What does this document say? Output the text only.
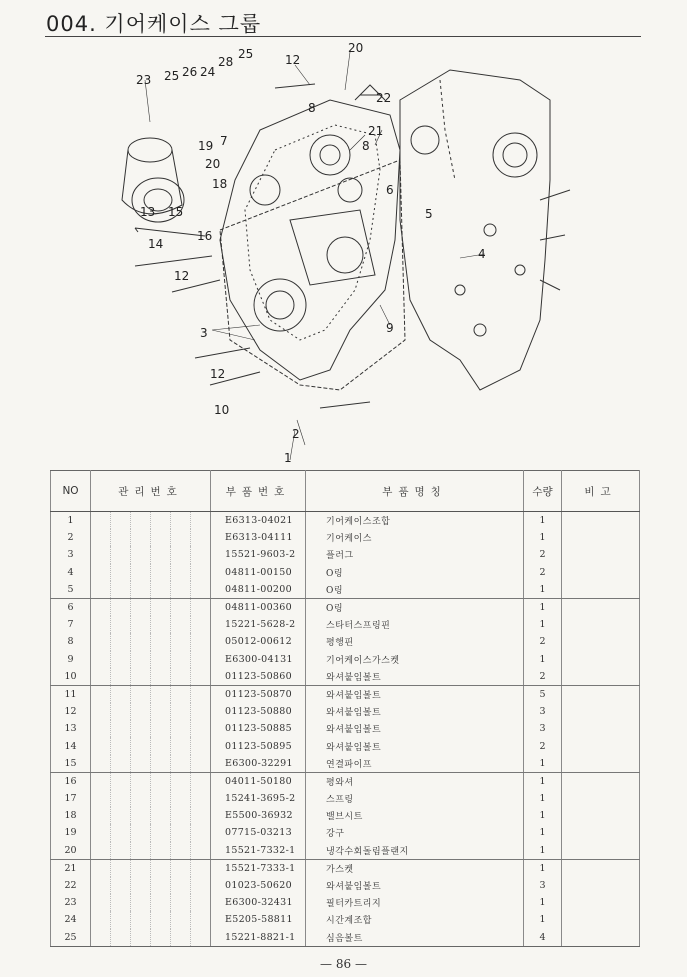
004. 기어케이스 그룹
23 25 26 24
28
25	12
20
8
22
21
8
7
19
20
18	6
13 15	5
16
14
4
12
9
3
12
10
2
1
NO	관리번호	부품번호	부품명칭	수량	비고
1		E6313-04021	기어케이스조합	1	
2		E6313-04111	기어케이스	1	
3		15521-9603-2	플러그	2	
4		04811-00150	O링	2	
5		04811-00200	O링	1	
6		04811-00360	O링	1	
7		15221-5628-2	스타터스프링핀	1	
8		05012-00612	평행핀	2	
9		E6300-04131	기어케이스가스켓	1	
10		01123-50860	와셔붙임볼트	2	
11		01123-50870	와셔붙임볼트	5	
12		01123-50880	와셔붙임볼트	3	
13		01123-50885	와셔붙임볼트	3	
14		01123-50895	와셔붙임볼트	2	
15		E6300-32291	연결파이프	1	
16		04011-50180	평와셔	1	
17		15241-3695-2	스프링	1	
18		E5500-36932	밸브시트	1	
19		07715-03213	강구	1	
20		15521-7332-1	냉각수회돌림플랜지	1	
21		15521-7333-1	가스켓	1	
22		01023-50620	와셔붙임볼트	3	
23		E6300-32431	필터카트리지	1	
24		E5205-58811	시간계조합	1	
25		15221-8821-1	심음볼트	4	
— 86 —
